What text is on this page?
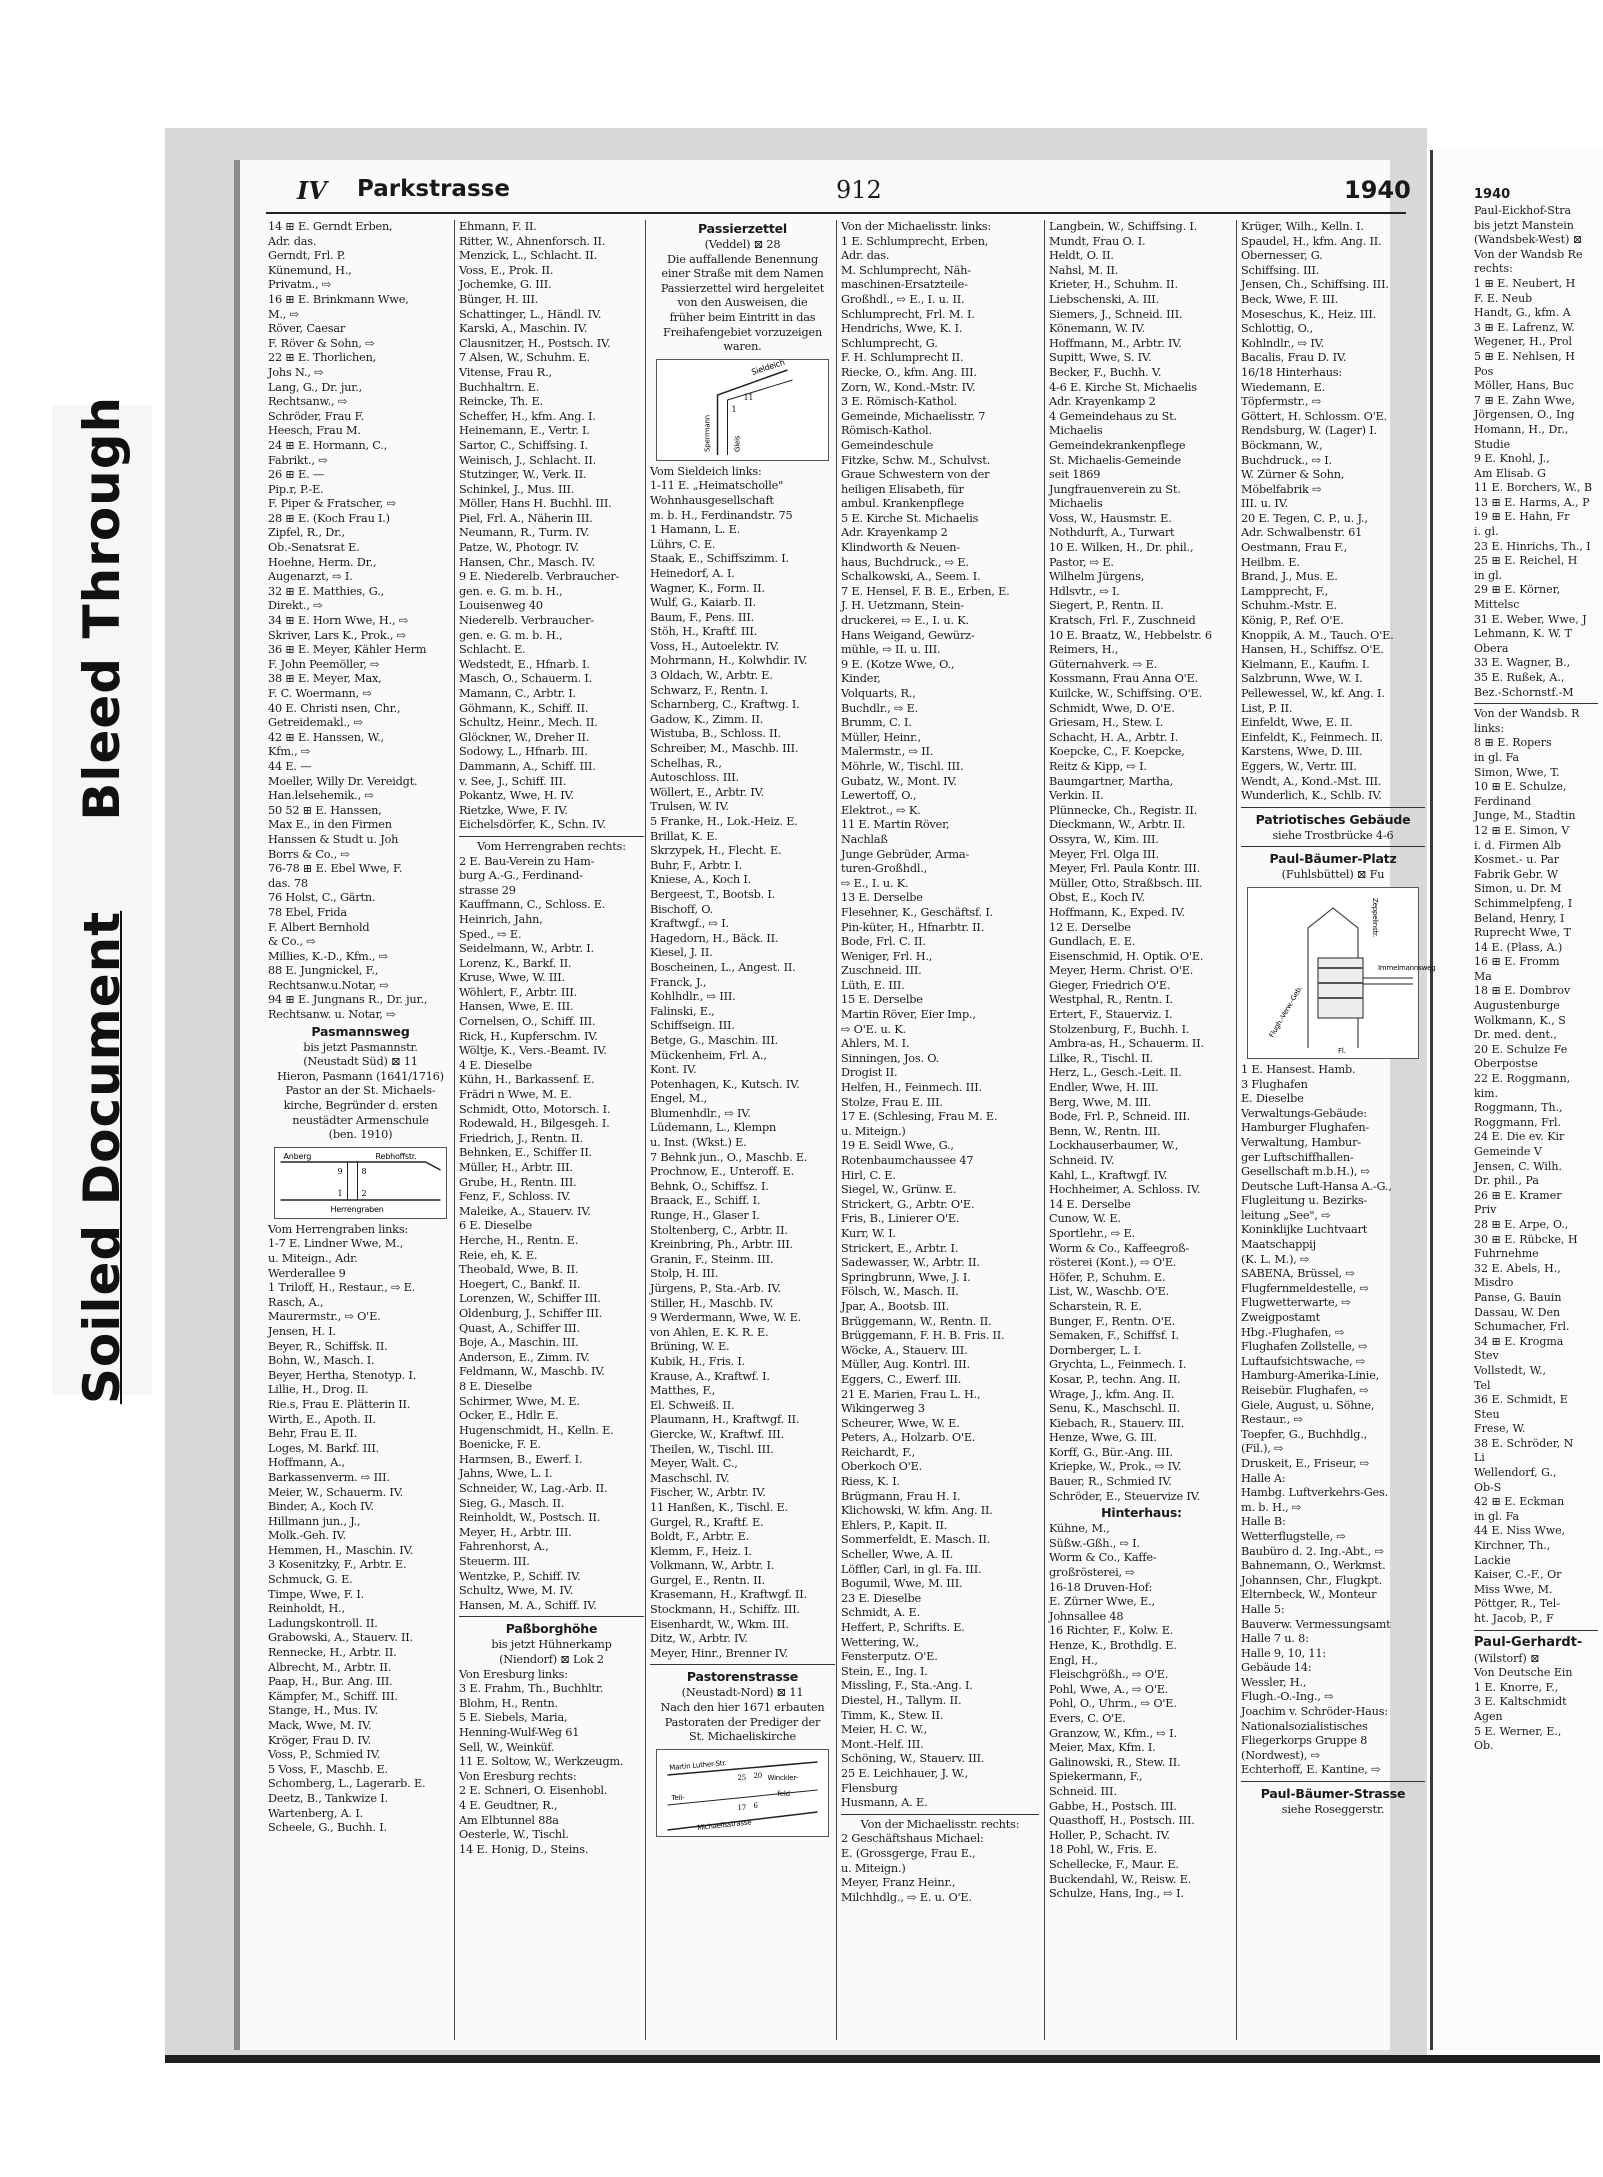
Soiled DocumentBleed Through
IV Parkstrasse	912	1940
14 ⊞ E. Gerndt Erben,
Adr. das.
Gerndt, Frl. P.
Künemund, H.,
Privatm., ⇨
16 ⊞ E. Brinkmann Wwe,
M., ⇨
Röver, Caesar
F. Röver & Sohn, ⇨
22 ⊞ E. Thorlichen,
Johs N., ⇨
Lang, G., Dr. jur.,
Rechtsanw., ⇨
Schröder, Frau F.
Heesch, Frau M.
24 ⊞ E. Hormann, C.,
Fabrikt., ⇨
26 ⊞ E. —
Pip.r, P.-E.
F. Piper & Fratscher, ⇨
28 ⊞ E. (Koch Frau I.)
Zipfel, R., Dr.,
Ob.-Senatsrat E.
Hoehne, Herm. Dr.,
Augenarzt, ⇨ I.
32 ⊞ E. Matthies, G.,
Direkt., ⇨
34 ⊞ E. Horn Wwe, H., ⇨
Skriver, Lars K., Prok., ⇨
36 ⊞ E. Meyer, Kähler Herm
F. John Peemöller, ⇨
38 ⊞ E. Meyer, Max,
F. C. Woermann, ⇨
40 E. Christi nsen, Chr.,
Getreidemakl., ⇨
42 ⊞ E. Hanssen, W.,
Kfm., ⇨
44 E. —
Moeller, Willy Dr. Vereidgt.
Han.lelsehemik., ⇨
50 52 ⊞ E. Hanssen,
Max E., in den Firmen
Hanssen & Studt u. Joh
Borrs & Co., ⇨
76-78 ⊞ E. Ebel Wwe, F.
das. 78
76 Holst, C., Gärtn.
78 Ebel, Frida
F. Albert Bernhold
& Co., ⇨
Millies, K.-D., Kfm., ⇨
88 E. Jungnickel, F.,
Rechtsanw.u.Notar, ⇨
94 ⊞ E. Jungnans R., Dr. jur.,
Rechtsanw. u. Notar, ⇨
Pasmannsweg
bis jetzt Pasmannstr.
(Neustadt Süd) ⊠ 11
Hieron, Pasmann (1641/1716)
Pastor an der St. Michaels-
kirche, Begründer d. ersten
neustädter Armenschule
(ben. 1910)
Anberg	Rebhoffstr.
Herrengraben
9 8
1 2
Vom Herrengraben links:
1-7 E. Lindner Wwe, M.,
u. Miteign., Adr.
Werderallee 9
1 Triloff, H., Restaur., ⇨ E.
Rasch, A.,
Maurermstr., ⇨ O'E.
Jensen, H. I.
Beyer, R., Schiffsk. II.
Bohn, W., Masch. I.
Beyer, Hertha, Stenotyp. I.
Lillie, H., Drog. II.
Rie.s, Frau E. Plätterin II.
Wirth, E., Apoth. II.
Behr, Frau E. II.
Loges, M. Barkf. III.
Hoffmann, A.,
Barkassenverm. ⇨ III.
Meier, W., Schauerm. IV.
Binder, A., Koch IV.
Hillmann jun., J.,
Molk.-Geh. IV.
Hemmen, H., Maschin. IV.
3 Kosenitzky, F., Arbtr. E.
Schmuck, G. E.
Timpe, Wwe, F. I.
Reinholdt, H.,
Ladungskontroll. II.
Grabowski, A., Stauerv. II.
Rennecke, H., Arbtr. II.
Albrecht, M., Arbtr. II.
Paap, H., Bur. Ang. III.
Kämpfer, M., Schiff. III.
Stange, H., Mus. IV.
Mack, Wwe, M. IV.
Kröger, Frau D. IV.
Voss, P., Schmied IV.
5 Voss, F., Maschb. E.
Schomberg, L., Lagerarb. E.
Deetz, B., Tankwize I.
Wartenberg, A. I.
Scheele, G., Buchh. I.
Ehmann, F. II.
Ritter, W., Ahnenforsch. II.
Menzick, L., Schlacht. II.
Voss, E., Prok. II.
Jochemke, G. III.
Bünger, H. III.
Schattinger, L., Händl. IV.
Karski, A., Maschin. IV.
Clausnitzer, H., Postsch. IV.
7 Alsen, W., Schuhm. E.
Vitense, Frau R.,
Buchhaltrn. E.
Reincke, Th. E.
Scheffer, H., kfm. Ang. I.
Heinemann, E., Vertr. I.
Sartor, C., Schiffsing. I.
Weinisch, J., Schlacht. II.
Stutzinger, W., Verk. II.
Schinkel, J., Mus. III.
Möller, Hans H. Buchhl. III.
Piel, Frl. A., Näherin III.
Neumann, R., Turm. IV.
Patze, W., Photogr. IV.
Hansen, Chr., Masch. IV.
9 E. Niederelb. Verbraucher-
gen. e. G. m. b. H.,
Louisenweg 40
Niederelb. Verbraucher-
gen. e. G. m. b. H.,
Schlacht. E.
Wedstedt, E., Hfnarb. I.
Masch, O., Schauerm. I.
Mamann, C., Arbtr. I.
Göhmann, K., Schiff. II.
Schultz, Heinr., Mech. II.
Glöckner, W., Dreher II.
Sodowy, L., Hfnarb. III.
Dammann, A., Schiff. III.
v. See, J., Schiff. III.
Pokantz, Wwe, H. IV.
Rietzke, Wwe, F. IV.
Eichelsdörfer, K., Schn. IV.
Vom Herrengraben rechts:
2 E. Bau-Verein zu Ham-
burg A.-G., Ferdinand-
strasse 29
Kauffmann, C., Schloss. E.
Heinrich, Jahn,
Sped., ⇨ E.
Seidelmann, W., Arbtr. I.
Lorenz, K., Barkf. II.
Kruse, Wwe, W. III.
Wöhlert, F., Arbtr. III.
Hansen, Wwe, E. III.
Cornelsen, O., Schiff. III.
Rick, H., Kupferschm. IV.
Wöltje, K., Vers.-Beamt. IV.
4 E. Dieselbe
Kühn, H., Barkassenf. E.
Frädri n Wwe, M. E.
Schmidt, Otto, Motorsch. I.
Rodewald, H., Bilgesgeh. I.
Friedrich, J., Rentn. II.
Behnken, E., Schiffer II.
Müller, H., Arbtr. III.
Grube, H., Rentn. III.
Fenz, F., Schloss. IV.
Maleike, A., Stauerv. IV.
6 E. Dieselbe
Herche, H., Rentn. E.
Reie, eh, K. E.
Theobald, Wwe, B. II.
Hoegert, C., Bankf. II.
Lorenzen, W., Schiffer III.
Oldenburg, J., Schiffer III.
Quast, A., Schiffer III.
Boje, A., Maschin. III.
Anderson, E., Zimm. IV.
Feldmann, W., Maschb. IV.
8 E. Dieselbe
Schirmer, Wwe, M. E.
Ocker, E., Hdlr. E.
Hugenschmidt, H., Kelln. E.
Boenicke, F. E.
Harmsen, B., Ewerf. I.
Jahns, Wwe, L. I.
Schneider, W., Lag.-Arb. II.
Sieg, G., Masch. II.
Reinholdt, W., Postsch. II.
Meyer, H., Arbtr. III.
Fahrenhorst, A.,
Steuerm. III.
Wentzke, P., Schiff. IV.
Schultz, Wwe, M. IV.
Hansen, M. A., Schiff. IV.
Paßborghöhe
bis jetzt Hühnerkamp
(Niendorf) ⊠ Lok 2
Von Eresburg links:
3 E. Frahm, Th., Buchhltr.
Blohm, H., Rentn.
5 E. Siebels, Maria,
Henning-Wulf-Weg 61
Sell, W., Weinküf.
11 E. Soltow, W., Werkzeugm.
Von Eresburg rechts:
2 E. Schneri, O. Eisenhobl.
4 E. Geudtner, R.,
Am Elbtunnel 88a
Oesterle, W., Tischl.
14 E. Honig, D., Steins.
Passierzettel
(Veddel) ⊠ 28
Die auffallende Benennung
einer Straße mit dem Namen
Passierzettel wird hergeleitet
von den Ausweisen, die
früher beim Eintritt in das
Freihafengebiet vorzuzeigen
waren.
Sieldeich
Sperrmann	Gleis
1
11
Vom Sieldeich links:
1-11 E. „Heimatscholle"
Wohnhausgesellschaft
m. b. H., Ferdinandstr. 75
1 Hamann, L. E.
Lührs, C. E.
Staak, E., Schiffszimm. I.
Heinedorf, A. I.
Wagner, K., Form. II.
Wulf, G., Kaiarb. II.
Baum, F., Pens. III.
Stöh, H., Kraftf. III.
Voss, H., Autoelektr. IV.
Mohrmann, H., Kolwhdir. IV.
3 Oldach, W., Arbtr. E.
Schwarz, F., Rentn. I.
Scharnberg, C., Kraftwg. I.
Gadow, K., Zimm. II.
Wistuba, B., Schloss. II.
Schreiber, M., Maschb. III.
Schelhas, R.,
Autoschloss. III.
Wöllert, E., Arbtr. IV.
Trulsen, W. IV.
5 Franke, H., Lok.-Heiz. E.
Brillat, K. E.
Skrzypek, H., Flecht. E.
Buhr, F., Arbtr. I.
Kniese, A., Koch I.
Bergeest, T., Bootsb. I.
Bischoff, O.
Kraftwgf., ⇨ I.
Hagedorn, H., Bäck. II.
Kiesel, J. II.
Boscheinen, L., Angest. II.
Franck, J.,
Kohlhdlr., ⇨ III.
Falinski, E.,
Schiffseign. III.
Betge, G., Maschin. III.
Mückenheim, Frl. A.,
Kont. IV.
Potenhagen, K., Kutsch. IV.
Engel, M.,
Blumenhdlr., ⇨ IV.
Lüdemann, L., Klempn
u. Inst. (Wkst.) E.
7 Behnk jun., O., Maschb. E.
Prochnow, E., Unteroff. E.
Behnk, O., Schiffsz. I.
Braack, E., Schiff. I.
Runge, H., Glaser I.
Stoltenberg, C., Arbtr. II.
Kreinbring, Ph., Arbtr. III.
Granin, F., Steinm. III.
Stolp, H. III.
Jürgens, P., Sta.-Arb. IV.
Stiller, H., Maschb. IV.
9 Werdermann, Wwe, W. E.
von Ahlen, E. K. R. E.
Brüning, W. E.
Kubik, H., Fris. I.
Krause, A., Kraftwf. I.
Matthes, F.,
El. Schweiß. II.
Plaumann, H., Kraftwgf. II.
Giercke, W., Kraftwf. III.
Theilen, W., Tischl. III.
Meyer, Walt. C.,
Maschschl. IV.
Fischer, W., Arbtr. IV.
11 Hanßen, K., Tischl. E.
Gurgel, R., Kraftf. E.
Boldt, F., Arbtr. E.
Klemm, F., Heiz. I.
Volkmann, W., Arbtr. I.
Gurgel, E., Rentn. II.
Krasemann, H., Kraftwgf. II.
Stockmann, H., Schiffz. III.
Eisenhardt, W., Wkm. III.
Ditz, W., Arbtr. IV.
Meyer, Hinr., Brenner IV.
Pastorenstrasse
(Neustadt-Nord) ⊠ 11
Nach den hier 1671 erbauten
Pastoraten der Prediger der
St. Michaeliskirche
Martin Luther-Str.
Winckler-
Teil-	feld
Michaelisstrasse
25 20
17 6
Von der Michaelisstr. links:
1 E. Schlumprecht, Erben,
Adr. das.
M. Schlumprecht, Näh-
maschinen-Ersatzteile-
Großhdl., ⇨ E., I. u. II.
Schlumprecht, Frl. M. I.
Hendrichs, Wwe, K. I.
Schlumprecht, G.
F. H. Schlumprecht II.
Riecke, O., kfm. Ang. III.
Zorn, W., Kond.-Mstr. IV.
3 E. Römisch-Kathol.
Gemeinde, Michaelisstr. 7
Römisch-Kathol.
Gemeindeschule
Fitzke, Schw. M., Schulvst.
Graue Schwestern von der
heiligen Elisabeth, für
ambul. Krankenpflege
5 E. Kirche St. Michaelis
Adr. Krayenkamp 2
Klindworth & Neuen-
haus, Buchdruck., ⇨ E.
Schalkowski, A., Seem. I.
7 E. Hensel, F. B. E., Erben, E.
J. H. Uetzmann, Stein-
druckerei, ⇨ E., I. u. K.
Hans Weigand, Gewürz-
mühle, ⇨ II. u. III.
9 E. (Kotze Wwe, O.,
Kinder,
Volquarts, R.,
Buchdlr., ⇨ E.
Brumm, C. I.
Müller, Heinr.,
Malermstr., ⇨ II.
Möhrle, W., Tischl. III.
Gubatz, W., Mont. IV.
Lewertoff, O.,
Elektrot., ⇨ K.
11 E. Martin Röver,
Nachlaß
Junge Gebrüder, Arma-
turen-Großhdl.,
⇨ E., I. u. K.
13 E. Derselbe
Flesehner, K., Geschäftsf. I.
Pin-küter, H., Hfnarbtr. II.
Bode, Frl. C. II.
Weniger, Frl. H.,
Zuschneid. III.
Lüth, E. III.
15 E. Derselbe
Martin Röver, Eier Imp.,
⇨ O'E. u. K.
Ahlers, M. I.
Sinningen, Jos. O.
Drogist II.
Helfen, H., Feinmech. III.
Stolze, Frau E. III.
17 E. (Schlesing, Frau M. E.
u. Miteign.)
19 E. Seidl Wwe, G.,
Rotenbaumchaussee 47
Hirl, C. E.
Siegel, W., Grünw. E.
Strickert, G., Arbtr. O'E.
Fris, B., Linierer O'E.
Kurr, W. I.
Strickert, E., Arbtr. I.
Sadewasser, W., Arbtr. II.
Springbrunn, Wwe, J. I.
Fölsch, W., Masch. II.
Jpar, A., Bootsb. III.
Brüggemann, W., Rentn. II.
Brüggemann, F. H. B. Fris. II.
Wöcke, A., Stauerv. III.
Müller, Aug. Kontrl. III.
Eggers, C., Ewerf. III.
21 E. Marien, Frau L. H.,
Wikingerweg 3
Scheurer, Wwe, W. E.
Peters, A., Holzarb. O'E.
Reichardt, F.,
Oberkoch O'E.
Riess, K. I.
Brügmann, Frau H. I.
Klichowski, W. kfm. Ang. II.
Ehlers, P., Kapit. II.
Sommerfeldt, E. Masch. II.
Scheller, Wwe, A. II.
Löffler, Carl, in gl. Fa. III.
Bogumil, Wwe, M. III.
23 E. Dieselbe
Schmidt, A. E.
Heffert, P., Schrifts. E.
Wettering, W.,
Fensterputz. O'E.
Stein, E., Ing. I.
Missling, F., Sta.-Ang. I.
Diestel, H., Tallym. II.
Timm, K., Stew. II.
Meier, H. C. W.,
Mont.-Helf. III.
Schöning, W., Stauerv. III.
25 E. Leichhauer, J. W.,
Flensburg
Husmann, A. E.
Von der Michaelisstr. rechts:
2 Geschäftshaus Michael:
E. (Grossgerge, Frau E.,
u. Miteign.)
Meyer, Franz Heinr.,
Milchhdlg., ⇨ E. u. O'E.
Langbein, W., Schiffsing. I.
Mundt, Frau O. I.
Heldt, O. II.
Nahsl, M. II.
Krieter, H., Schuhm. II.
Liebschenski, A. III.
Siemers, J., Schneid. III.
Könemann, W. IV.
Hoffmann, M., Arbtr. IV.
Supitt, Wwe, S. IV.
Becker, F., Buchh. V.
4-6 E. Kirche St. Michaelis
Adr. Krayenkamp 2
4 Gemeindehaus zu St.
Michaelis
Gemeindekrankenpflege
St. Michaelis-Gemeinde
seit 1869
Jungfrauenverein zu St.
Michaelis
Voss, W., Hausmstr. E.
Nothdurft, A., Turwart
10 E. Wilken, H., Dr. phil.,
Pastor, ⇨ E.
Wilhelm Jürgens,
Hdlsvtr., ⇨ I.
Siegert, P., Rentn. II.
Kratsch, Frl. F., Zuschneid
10 E. Braatz, W., Hebbelstr. 6
Reimers, H.,
Güternahverk. ⇨ E.
Kossmann, Frau Anna O'E.
Kuilcke, W., Schiffsing. O'E.
Schmidt, Wwe, D. O'E.
Griesam, H., Stew. I.
Schacht, H. A., Arbtr. I.
Koepcke, C., F. Koepcke,
Reitz & Kipp, ⇨ I.
Baumgartner, Martha,
Verkin. II.
Plünnecke, Ch., Registr. II.
Dieckmann, W., Arbtr. II.
Ossyra, W., Kim. III.
Meyer, Frl. Olga III.
Meyer, Frl. Paula Kontr. III.
Müller, Otto, Straßbsch. III.
Obst, E., Koch IV.
Hoffmann, K., Exped. IV.
12 E. Derselbe
Gundlach, E. E.
Eisenschmid, H. Optik. O'E.
Meyer, Herm. Christ. O'E.
Gieger, Friedrich O'E.
Westphal, R., Rentn. I.
Ertert, F., Stauerviz. I.
Stolzenburg, F., Buchh. I.
Ambra-as, H., Schauerm. II.
Lilke, R., Tischl. II.
Herz, L., Gesch.-Leit. II.
Endler, Wwe, H. III.
Berg, Wwe, M. III.
Bode, Frl. P., Schneid. III.
Benn, W., Rentn. III.
Lockhauserbaumer, W.,
Schneid. IV.
Kahl, L., Kraftwgf. IV.
Hochheimer, A. Schloss. IV.
14 E. Derselbe
Cunow, W. E.
Sportlehr., ⇨ E.
Worm & Co., Kaffeegroß-
rösterei (Kont.), ⇨ O'E.
Höfer, P., Schuhm. E.
List, W., Waschb. O'E.
Scharstein, R. E.
Bunger, F., Rentn. O'E.
Semaken, F., Schiffsf. I.
Dornberger, L. I.
Grychta, L., Feinmech. I.
Kosar, P., techn. Ang. II.
Wrage, J., kfm. Ang. II.
Senu, K., Maschschl. II.
Kiebach, R., Stauerv. III.
Henze, Wwe, G. III.
Korff, G., Bür.-Ang. III.
Kriepke, W., Prok., ⇨ IV.
Bauer, R., Schmied IV.
Schröder, E., Steuervize IV.
Hinterhaus:
Kühne, M.,
Süßw.-Gßh., ⇨ I.
Worm & Co., Kaffe-
großrösterei, ⇨
16-18 Druven-Hof:
E. Zürner Wwe, E.,
Johnsallee 48
16 Richter, F., Kolw. E.
Henze, K., Brothdlg. E.
Engl, H.,
Fleischgrößh., ⇨ O'E.
Pohl, Wwe, A., ⇨ O'E.
Pohl, O., Uhrm., ⇨ O'E.
Evers, C. O'E.
Granzow, W., Kfm., ⇨ I.
Meier, Max, Kfm. I.
Galinowski, R., Stew. II.
Spiekermann, F.,
Schneid. III.
Gabbe, H., Postsch. III.
Quasthoff, H., Postsch. III.
Holler, P., Schacht. IV.
18 Pohl, W., Fris. E.
Schellecke, F., Maur. E.
Buckendahl, W., Reisw. E.
Schulze, Hans, Ing., ⇨ I.
Krüger, Wilh., Kelln. I.
Spaudel, H., kfm. Ang. II.
Obernesser, G.
Schiffsing. III.
Jensen, Ch., Schiffsing. III.
Beck, Wwe, F. III.
Moseschus, K., Heiz. III.
Schlottig, O.,
Kohlndlr., ⇨ IV.
Bacalis, Frau D. IV.
16/18 Hinterhaus:
Wiedemann, E.
Töpfermstr., ⇨
Göttert, H. Schlossm. O'E.
Rendsburg, W. (Lager) I.
Böckmann, W.,
Buchdruck., ⇨ I.
W. Zürner & Sohn,
Möbelfabrik ⇨
III. u. IV.
20 E. Tegen, C. P., u. J.,
Adr. Schwalbenstr. 61
Oestmann, Frau F.,
Heilbm. E.
Brand, J., Mus. E.
Lampprecht, F.,
Schuhm.-Mstr. E.
König, P., Ref. O'E.
Knoppik, A. M., Tauch. O'E.
Hansen, H., Schiffsz. O'E.
Kielmann, E., Kaufm. I.
Salzbrunn, Wwe, W. I.
Pellewessel, W., kf. Ang. I.
List, P. II.
Einfeldt, Wwe, E. II.
Einfeldt, K., Feinmech. II.
Karstens, Wwe, D. III.
Eggers, W., Vertr. III.
Wendt, A., Kond.-Mst. III.
Wunderlich, K., Schlb. IV.
Patriotisches Gebäude
siehe Trostbrücke 4-6
Paul-Bäumer-Platz
(Fuhlsbüttel) ⊠ Fu
Zeppelinstr.
Flugh.-Verw.-Geb.
Immelmannsweg
Fl.
1 E. Hansest. Hamb.
3 Flughafen
E. Dieselbe
Verwaltungs-Gebäude:
Hamburger Flughafen-
Verwaltung, Hambur-
ger Luftschiffhallen-
Gesellschaft m.b.H.), ⇨
Deutsche Luft-Hansa A.-G.,
Flugleitung u. Bezirks-
leitung „See", ⇨
Koninklijke Luchtvaart
Maatschappij
(K. L. M.), ⇨
SABENA, Brüssel, ⇨
Flugfernmeldestelle, ⇨
Flugwetterwarte, ⇨
Zweigpostamt
Hbg.-Flughafen, ⇨
Flughafen Zollstelle, ⇨
Luftaufsichtswache, ⇨
Hamburg-Amerika-Linie,
Reisebür. Flughafen, ⇨
Giele, August, u. Söhne,
Restaur., ⇨
Toepfer, G., Buchhdlg.,
(Fil.), ⇨
Druskeit, E., Friseur, ⇨
Halle A:
Hambg. Luftverkehrs-Ges.
m. b. H., ⇨
Halle B:
Wetterflugstelle, ⇨
Baubüro d. 2. Ing.-Abt., ⇨
Bahnemann, O., Werkmst.
Johannsen, Chr., Flugkpt.
Elternbeck, W., Monteur
Halle 5:
Bauverw. Vermessungsamt
Halle 7 u. 8:
Halle 9, 10, 11:
Gebäude 14:
Wessler, H.,
Flugh.-O.-Ing., ⇨
Joachim v. Schröder-Haus:
Nationalsozialistisches
Fliegerkorps Gruppe 8
(Nordwest), ⇨
Echterhoff, E. Kantine, ⇨
Paul-Bäumer-Strasse
siehe Roseggerstr.
1940
Paul-Eickhof-Stra
bis jetzt Manstein
(Wandsbek-West) ⊠
Von der Wandsb Re
rechts:
1 ⊞ E. Neubert, H
F. E. Neub
Handt, G., kfm. A
3 ⊞ E. Lafrenz, W.
Wegener, H., Prol
5 ⊞ E. Nehlsen, H
Pos
Möller, Hans, Buc
7 ⊞ E. Zahn Wwe,
Jörgensen, O., Ing
Homann, H., Dr.,
Studie
9 E. Knohl, J.,
Am Elisab. G
11 E. Borchers, W., B
13 ⊞ E. Harms, A., P
19 ⊞ E. Hahn, Fr
i. gl.
23 E. Hinrichs, Th., I
25 ⊞ E. Reichel, H
in gl.
29 ⊞ E. Körner,
Mittelsc
31 E. Weber, Wwe, J
Lehmann, K. W. T
Obera
33 E. Wagner, B.,
35 E. Rußek, A.,
Bez.-Schornstf.-M
Von der Wandsb. R
links:
8 ⊞ E. Ropers
in gl. Fa
Simon, Wwe, T.
10 ⊞ E. Schulze,
Ferdinand
Junge, M., Stadtin
12 ⊞ E. Simon, V
i. d. Firmen Alb
Kosmet.- u. Par
Fabrik Gebr. W
Simon, u. Dr. M
Schimmelpfeng, I
Beland, Henry, I
Ruprecht Wwe, T
14 E. (Plass, A.)
16 ⊞ E. Fromm
Ma
18 ⊞ E. Dombrov
Augustenburge
Wolkmann, K., S
Dr. med. dent.,
20 E. Schulze Fe
Oberpostse
22 E. Roggmann,
kim.
Roggmann, Th.,
Roggmann, Frl.
24 E. Die ev. Kir
Gemeinde V
Jensen, C. Wilh.
Dr. phil., Pa
26 ⊞ E. Kramer
Priv
28 ⊞ E. Arpe, O.,
30 ⊞ E. Rübcke, H
Fuhrnehme
32 E. Abels, H.,
Misdro
Panse, G. Bauin
Dassau, W. Den
Schumacher, Frl.
34 ⊞ E. Krogma
Stev
Vollstedt, W.,
Tel
36 E. Schmidt, E
Steu
Frese, W.
38 E. Schröder, N
Li
Wellendorf, G.,
Ob-S
42 ⊞ E. Eckman
in gl. Fa
44 E. Niss Wwe,
Kirchner, Th.,
Lackie
Kaiser, C.-F., Or
Miss Wwe, M.
Pöttger, R., Tel-
ht. Jacob, P., F
Paul-Gerhardt-
(Wilstorf) ⊠
Von Deutsche Ein
1 E. Knorre, F.,
3 E. Kaltschmidt
Agen
5 E. Werner, E.,
Ob.
